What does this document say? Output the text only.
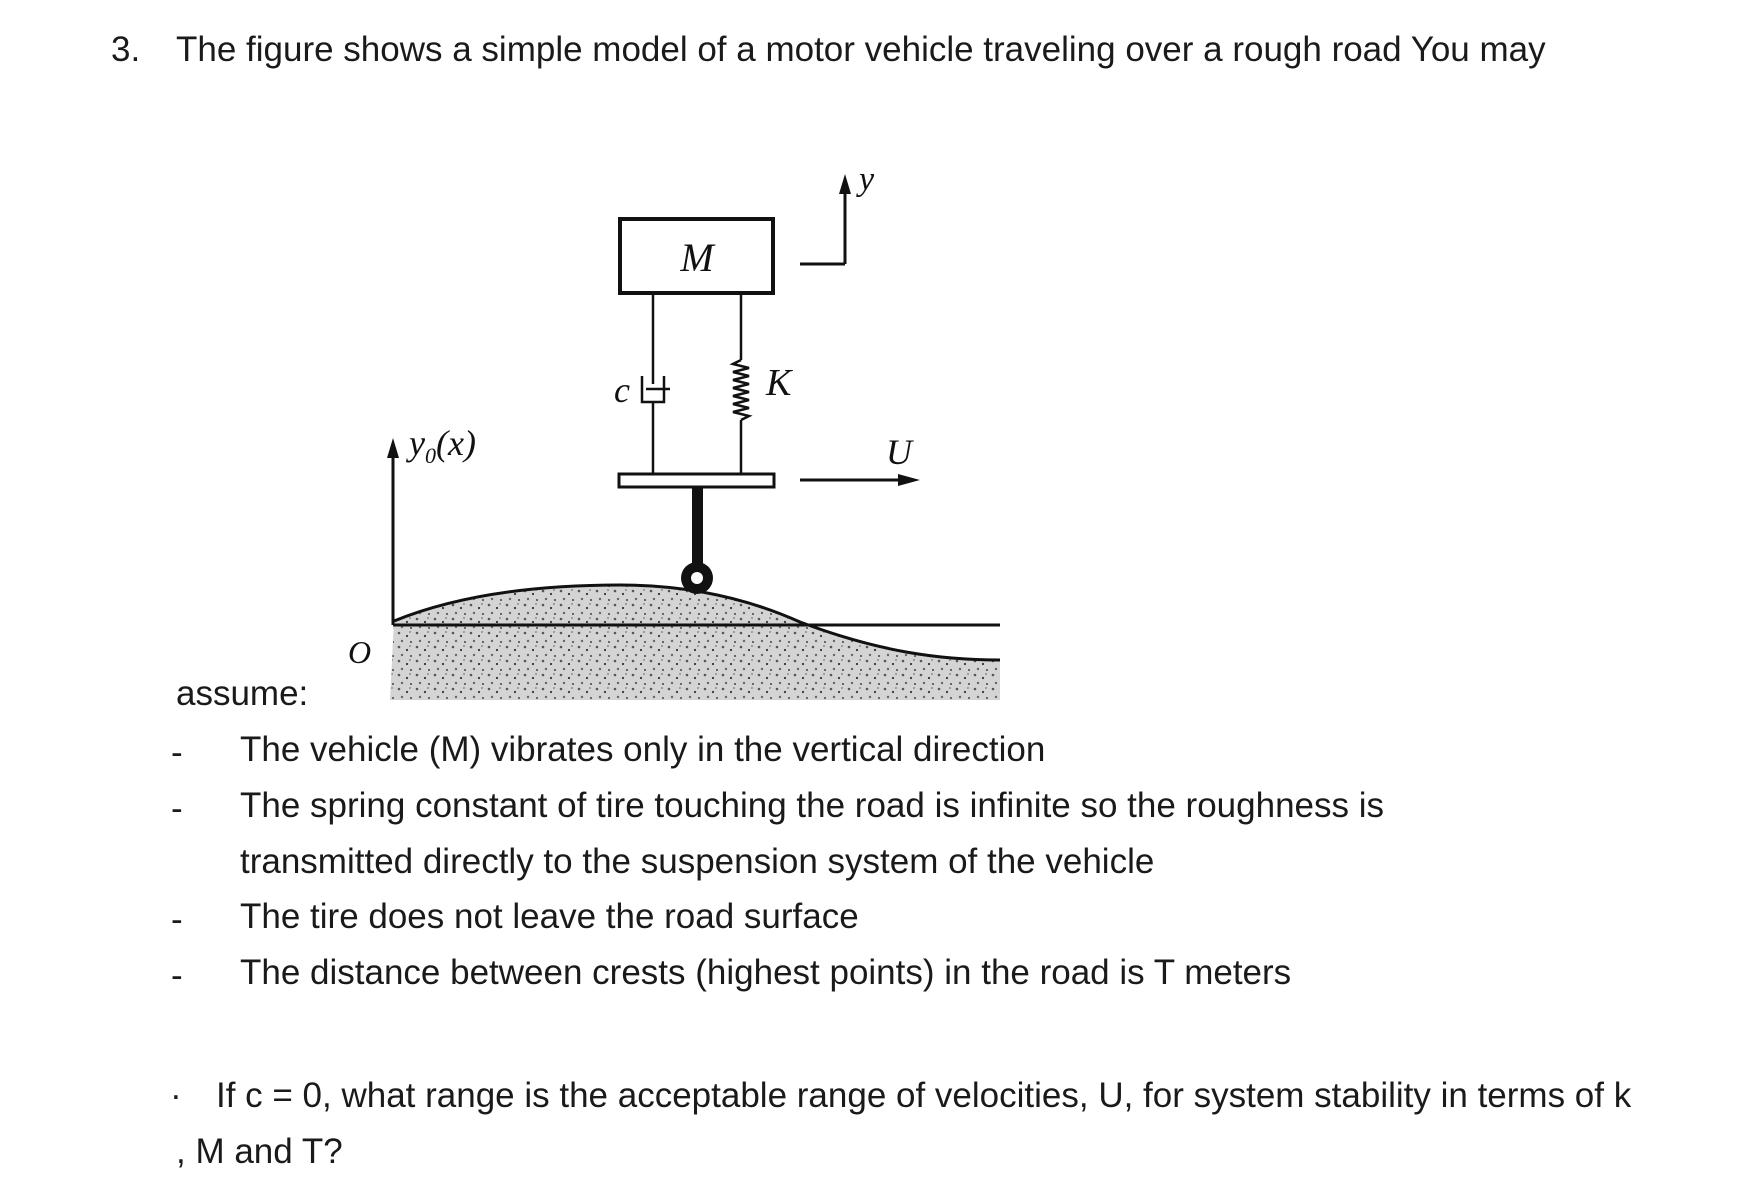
3. The figure shows a simple model of a motor vehicle traveling over a rough road You may
M
c	K
y
U
O
$y_0(x)$
assume:
- The vehicle (M) vibrates only in the vertical direction
- The spring constant of tire touching the road is infinite so the roughness is
transmitted directly to the suspension system of the vehicle
- The tire does not leave the road surface
- The distance between crests (highest points) in the road is T meters
.	If c = 0, what range is the acceptable range of velocities, U, for system stability in terms of k , M and T?
